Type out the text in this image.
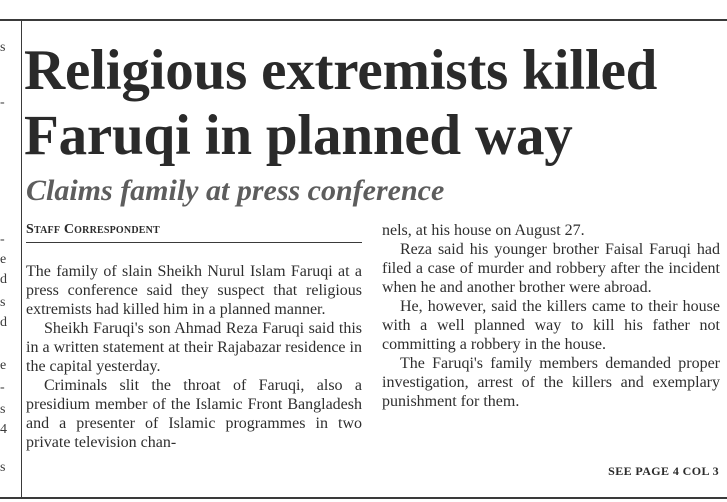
s
-
-
e
d
s
d
e
-
s
4
s
Religious extremists killed
Faruqi in planned way
Claims family at press conference
Staff Correspondent

The family of slain Sheikh Nurul Islam Faruqi at a press conference said they suspect that religious extremists had killed him in a planned manner.

Sheikh Faruqi's son Ahmad Reza Faruqi said this in a written statement at their Rajabazar residence in the capital yesterday.

Criminals slit the throat of Faruqi, also a presidium member of the Islamic Front Bangladesh and a presenter of Islamic programmes in two private television chan-

nels, at his house on August 27.

Reza said his younger brother Faisal Faruqi had filed a case of murder and robbery after the incident when he and another brother were abroad.

He, however, said the killers came to their house with a well planned way to kill his father not committing a robbery in the house.

The Faruqi's family members demanded proper investigation, arrest of the killers and exemplary punishment for them.

SEE PAGE 4 COL 3
